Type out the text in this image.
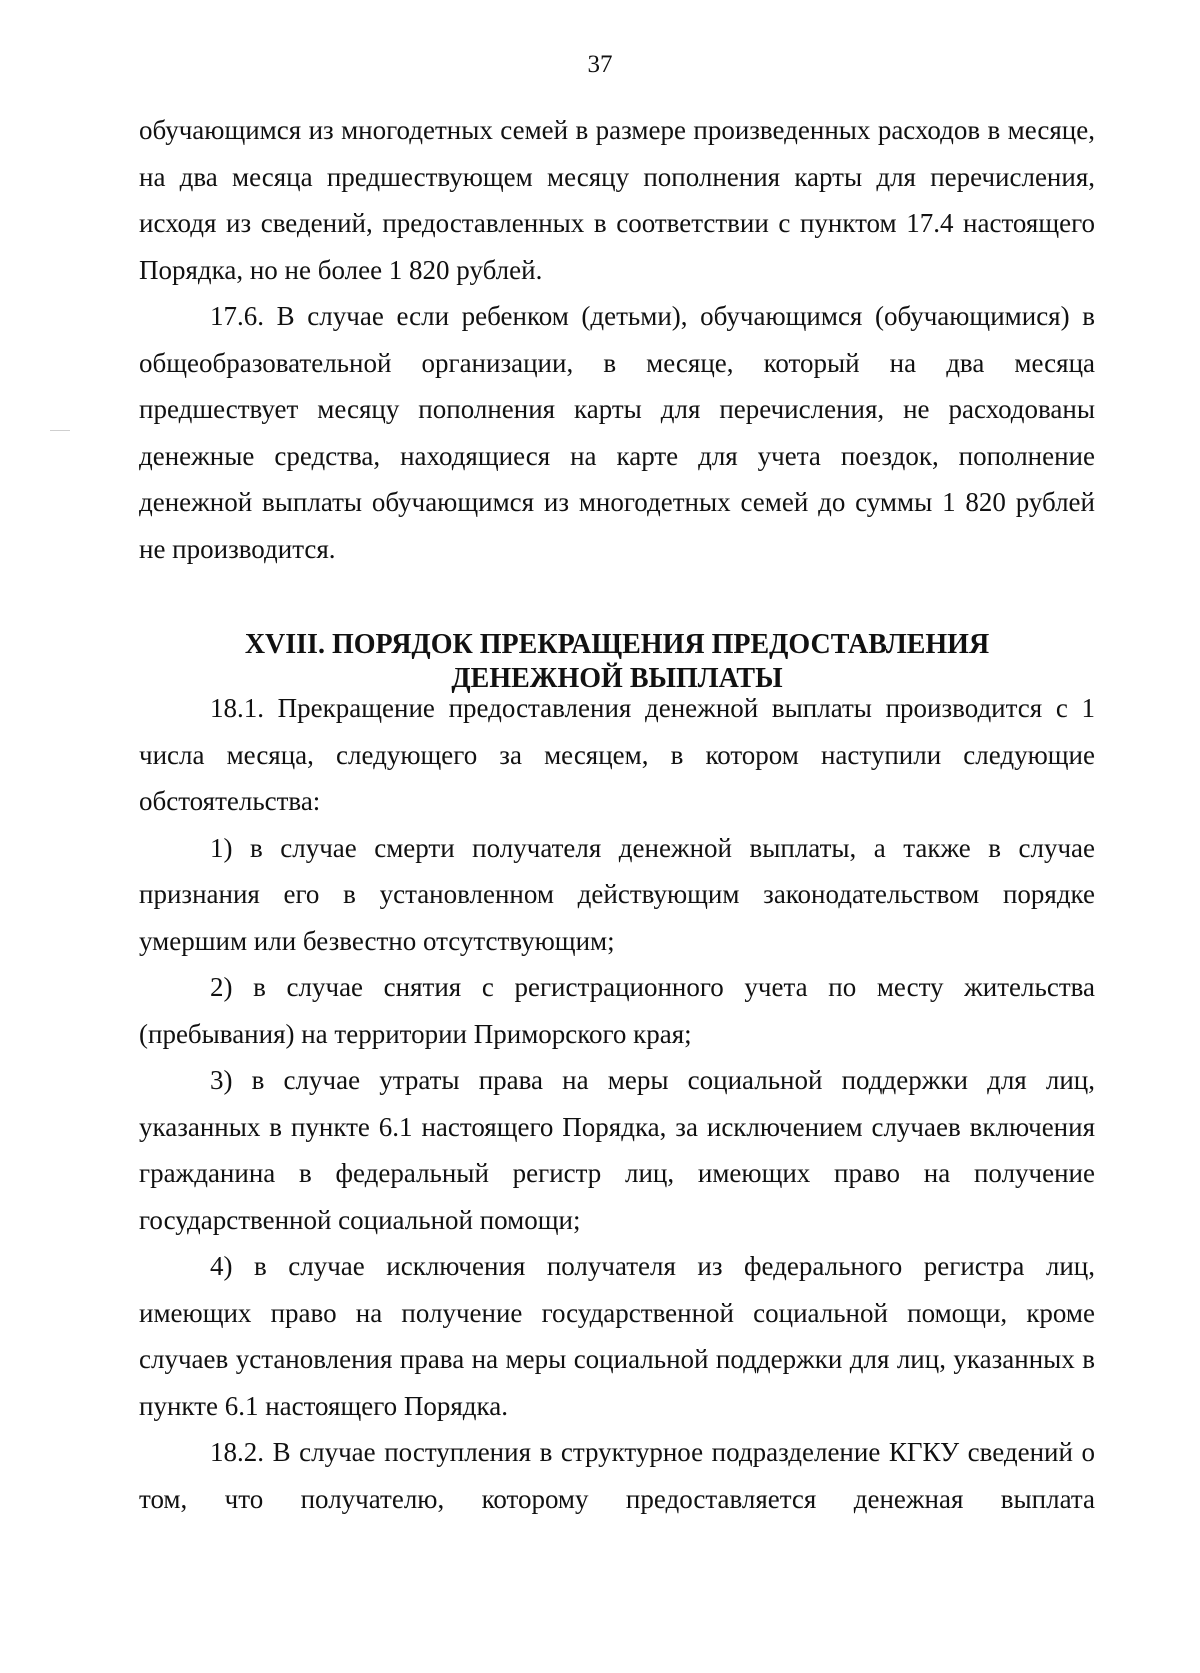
37

обучающимся из многодетных семей в размере произведенных расходов в месяце, на два месяца предшествующем месяцу пополнения карты для перечисления, исходя из сведений, предоставленных в соответствии с пунктом 17.4 настоящего Порядка, но не более 1 820 рублей.

17.6. В случае если ребенком (детьми), обучающимся (обучающимися) в общеобразовательной организации, в месяце, который на два месяца предшествует месяцу пополнения карты для перечисления, не расходованы денежные средства, находящиеся на карте для учета поездок, пополнение денежной выплаты обучающимся из многодетных семей до суммы 1 820 рублей не производится.

XVIII. ПОРЯДОК ПРЕКРАЩЕНИЯ ПРЕДОСТАВЛЕНИЯ
ДЕНЕЖНОЙ ВЫПЛАТЫ

18.1. Прекращение предоставления денежной выплаты производится с 1 числа месяца, следующего за месяцем, в котором наступили следующие обстоятельства:

1) в случае смерти получателя денежной выплаты, а также в случае признания его в установленном действующим законодательством порядке умершим или безвестно отсутствующим;

2) в случае снятия с регистрационного учета по месту жительства (пребывания) на территории Приморского края;

3) в случае утраты права на меры социальной поддержки для лиц, указанных в пункте 6.1 настоящего Порядка, за исключением случаев включения гражданина в федеральный регистр лиц, имеющих право на получение государственной социальной помощи;

4) в случае исключения получателя из федерального регистра лиц, имеющих право на получение государственной социальной помощи, кроме случаев установления права на меры социальной поддержки для лиц, указанных в пункте 6.1 настоящего Порядка.

18.2. В случае поступления в структурное подразделение КГКУ сведений о том, что получателю, которому предоставляется денежная выплата
